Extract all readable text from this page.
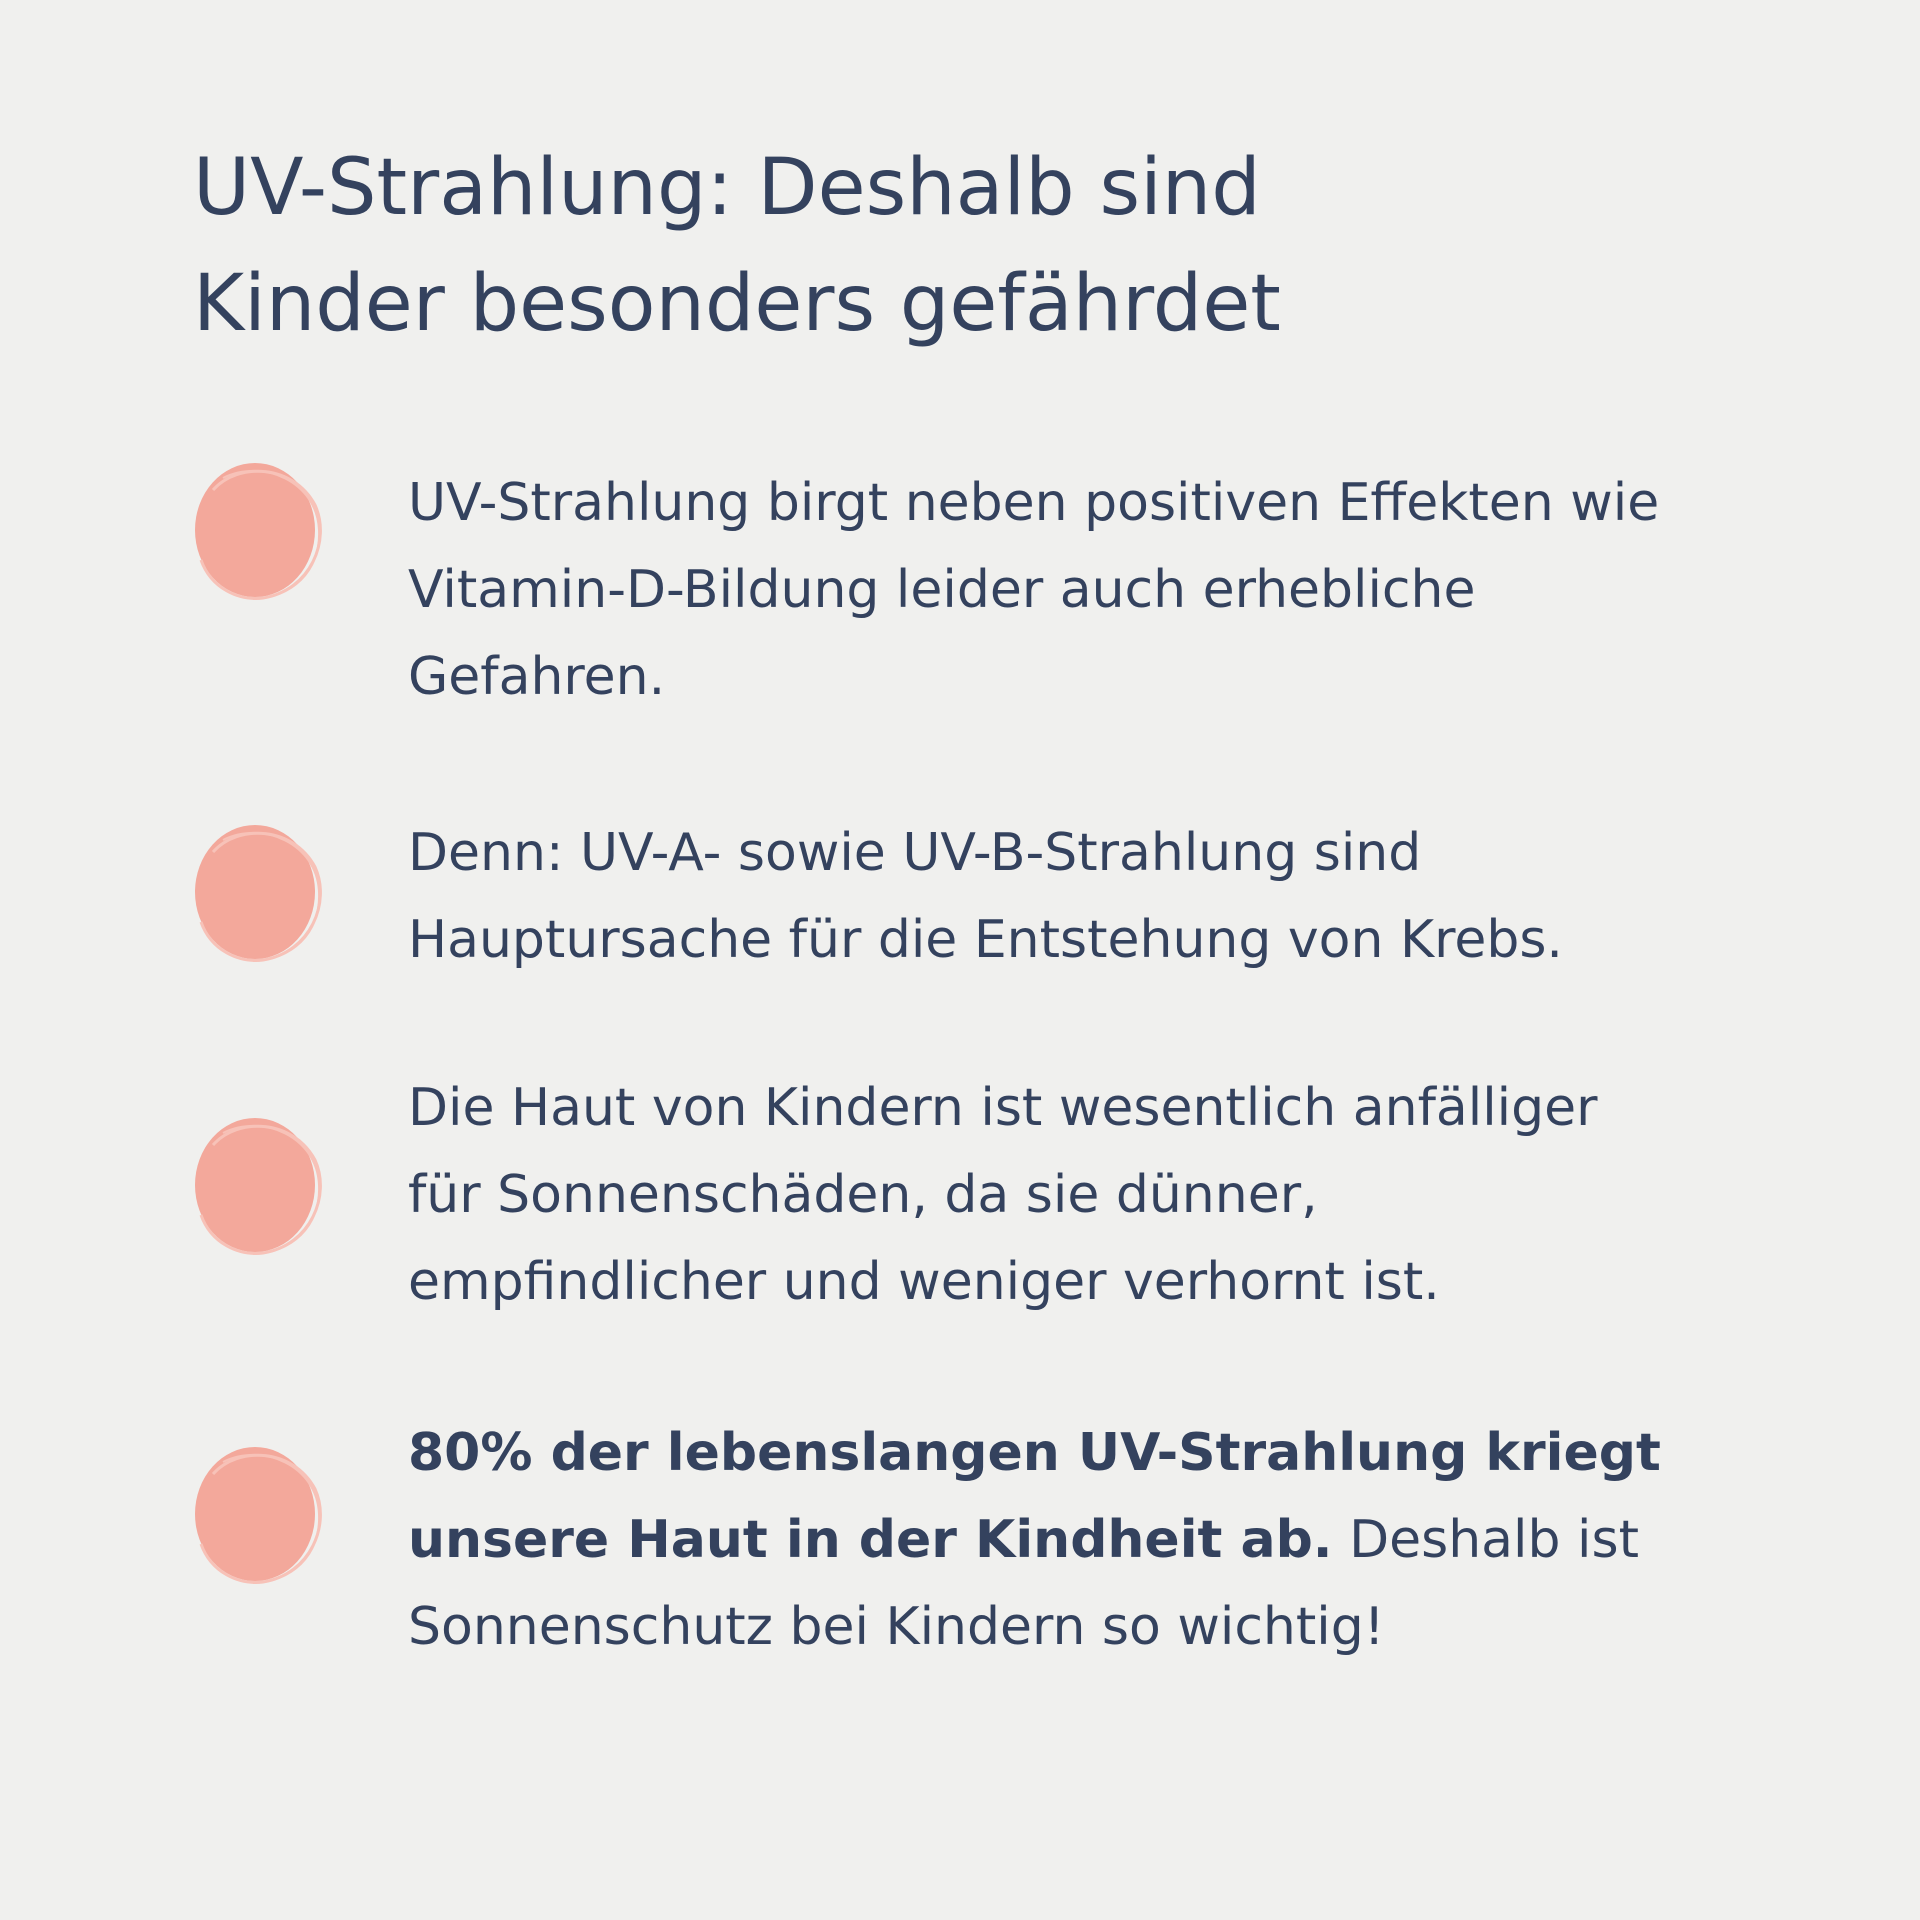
UV-Strahlung: Deshalb sind
Kinder besonders gefährdet
UV-Strahlung birgt neben positiven Effekten wie
Vitamin-D-Bildung leider auch erhebliche
Gefahren.
Denn: UV-A- sowie UV-B-Strahlung sind
Hauptursache für die Entstehung von Krebs.
Die Haut von Kindern ist wesentlich anfälliger
für Sonnenschäden, da sie dünner,
empfindlicher und weniger verhornt ist.
80% der lebenslangen UV-Strahlung kriegt
unsere Haut in der Kindheit ab. Deshalb ist
Sonnenschutz bei Kindern so wichtig!
